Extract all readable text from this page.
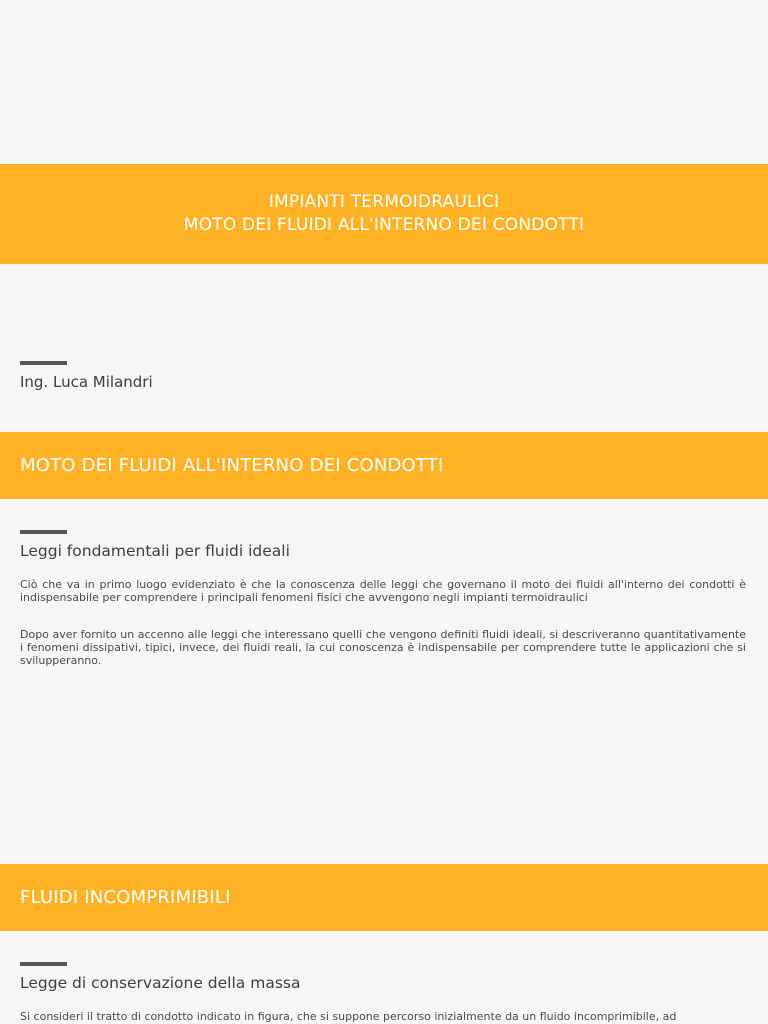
IMPIANTI TERMOIDRAULICI
MOTO DEI FLUIDI ALL'INTERNO DEI CONDOTTI
Ing. Luca Milandri
MOTO DEI FLUIDI ALL'INTERNO DEI CONDOTTI
Leggi fondamentali per fluidi ideali

Ciò che va in primo luogo evidenziato è che la conoscenza delle leggi che governano il moto dei fluidi all'interno dei condotti è indispensabile per comprendere i principali fenomeni fisici che avvengono negli impianti termoidraulici

Dopo aver fornito un accenno alle leggi che interessano quelli che vengono definiti fluidi ideali, si descriveranno quantitativamente i fenomeni dissipativi, tipici, invece, dei fluidi reali, la cui conoscenza è indispensabile per comprendere tutte le applicazioni che si svilupperanno.

FLUIDI INCOMPRIMIBILI
Legge di conservazione della massa

Si consideri il tratto di condotto indicato in figura, che si suppone percorso inizialmente da un fluido incomprimibile, ad
